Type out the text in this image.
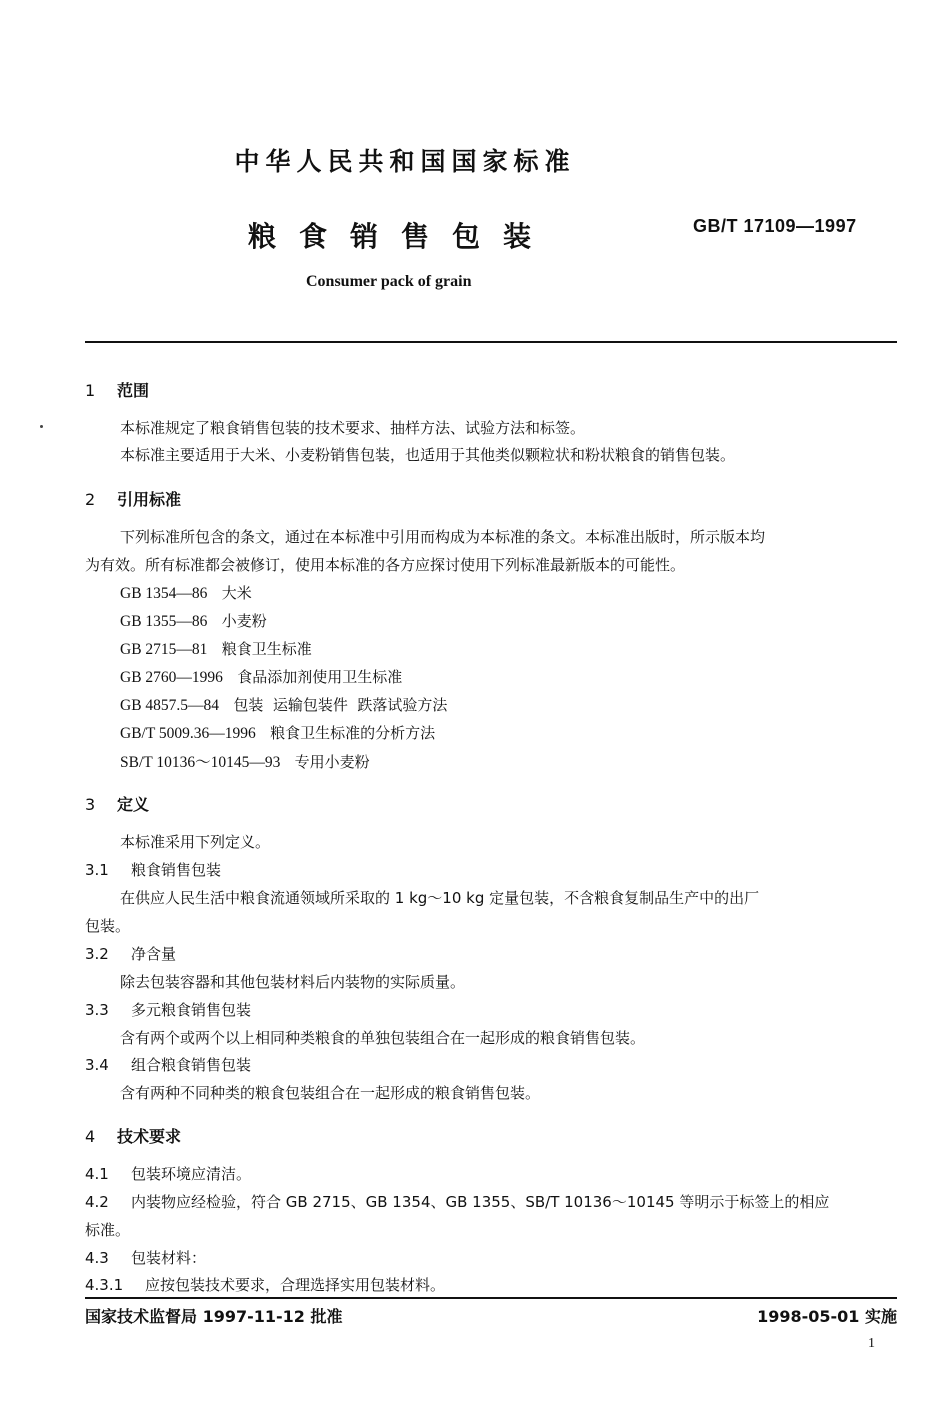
中华人民共和国国家标准
粮食销售包装	GB/T 17109—1997
Consumer pack of grain
1 范围
本标准规定了粮食销售包装的技术要求、抽样方法、试验方法和标签。
本标准主要适用于大米、小麦粉销售包装，也适用于其他类似颗粒状和粉状粮食的销售包装。
2 引用标准
下列标准所包含的条文，通过在本标准中引用而构成为本标准的条文。本标准出版时，所示版本均
为有效。所有标准都会被修订，使用本标准的各方应探讨使用下列标准最新版本的可能性。
GB 1354—86 大米
GB 1355—86 小麦粉
GB 2715—81 粮食卫生标准
GB 2760—1996 食品添加剂使用卫生标准
GB 4857.5—84 包装  运输包装件  跌落试验方法
GB/T 5009.36—1996 粮食卫生标准的分析方法
SB/T 10136～10145—93 专用小麦粉
3 定义
本标准采用下列定义。
3.1 粮食销售包装
在供应人民生活中粮食流通领域所采取的 1 kg～10 kg 定量包装，不含粮食复制品生产中的出厂
包装。
3.2 净含量
除去包装容器和其他包装材料后内装物的实际质量。
3.3 多元粮食销售包装
含有两个或两个以上相同种类粮食的单独包装组合在一起形成的粮食销售包装。
3.4 组合粮食销售包装
含有两种不同种类的粮食包装组合在一起形成的粮食销售包装。
4 技术要求
4.1 包装环境应清洁。
4.2 内装物应经检验，符合 GB 2715、GB 1354、GB 1355、SB/T 10136～10145 等明示于标签上的相应
标准。
4.3 包装材料：
4.3.1 应按包装技术要求，合理选择实用包装材料。
国家技术监督局 1997-11-12 批准	1998-05-01 实施
1
